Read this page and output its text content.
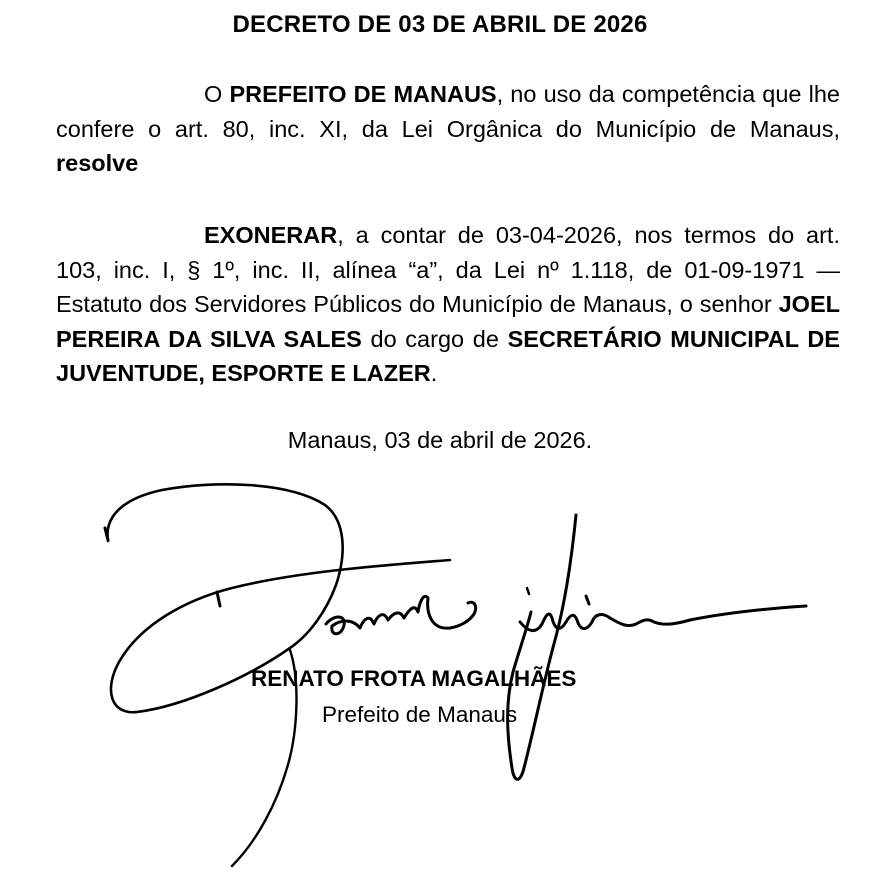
DECRETO DE 03 DE ABRIL DE 2026
O PREFEITO DE MANAUS, no uso da competência que lhe confere o art. 80, inc. XI, da Lei Orgânica do Município de Manaus, resolve
EXONERAR, a contar de 03-04-2026, nos termos do art. 103, inc. I, § 1º, inc. II, alínea “a”, da Lei nº 1.118, de 01-09-1971 — Estatuto dos Servidores Públicos do Município de Manaus, o senhor JOEL PEREIRA DA SILVA SALES do cargo de SECRETÁRIO MUNICIPAL DE JUVENTUDE, ESPORTE E LAZER.
Manaus, 03 de abril de 2026.
RENATO FROTA MAGALHÃES
Prefeito de Manaus
